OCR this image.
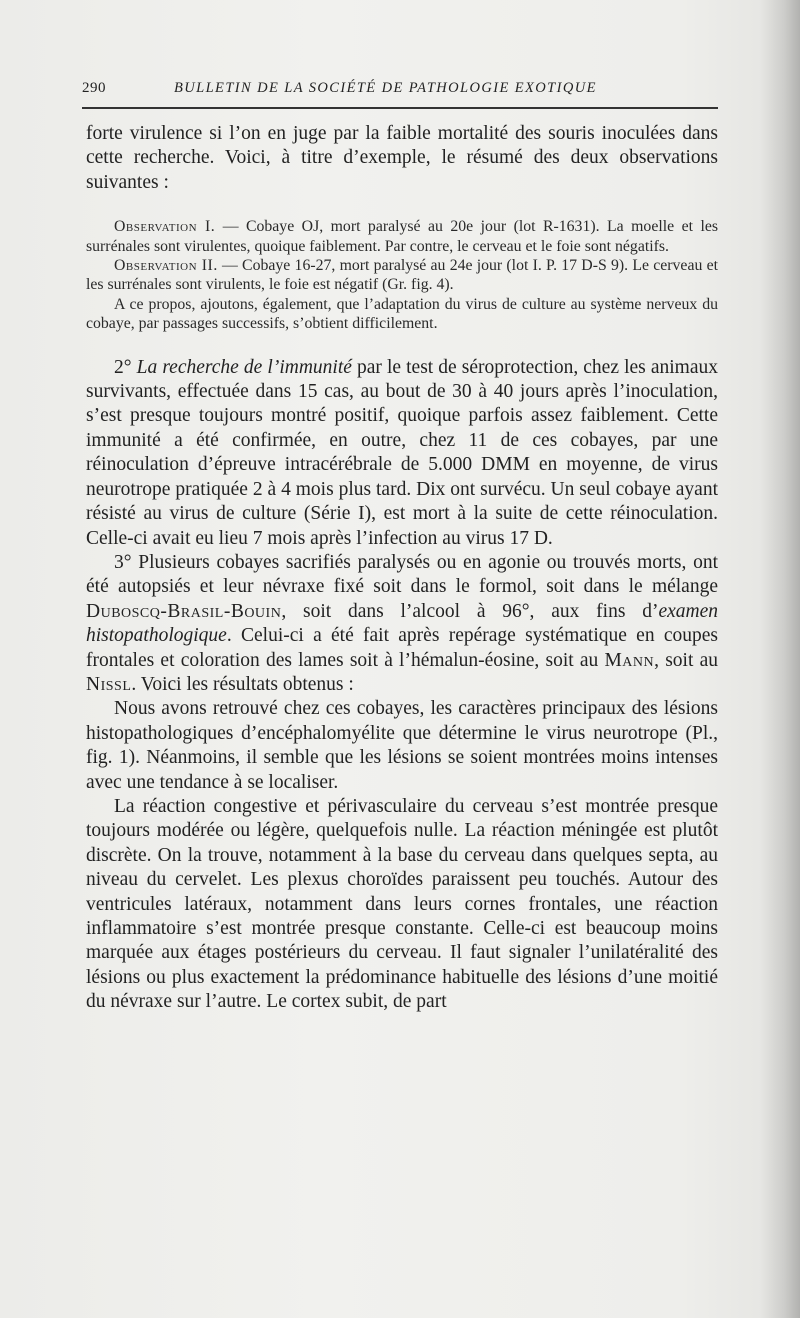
290	BULLETIN DE LA SOCIÉTÉ DE PATHOLOGIE EXOTIQUE

forte virulence si l’on en juge par la faible mortalité des souris inoculées dans cette recherche. Voici, à titre d’exemple, le résumé des deux observations suivantes :

Observation I. — Cobaye OJ, mort paralysé au 20e jour (lot R-1631). La moelle et les surrénales sont virulentes, quoique faiblement. Par contre, le cerveau et le foie sont négatifs.

Observation II. — Cobaye 16-27, mort paralysé au 24e jour (lot I. P. 17 D-S 9). Le cerveau et les surrénales sont virulents, le foie est négatif (Gr. fig. 4).

A ce propos, ajoutons, également, que l’adaptation du virus de culture au système nerveux du cobaye, par passages successifs, s’obtient difficilement.

2° La recherche de l’immunité par le test de séroprotection, chez les animaux survivants, effectuée dans 15 cas, au bout de 30 à 40 jours après l’inoculation, s’est presque toujours montré positif, quoique parfois assez faiblement. Cette immunité a été confirmée, en outre, chez 11 de ces cobayes, par une réinoculation d’épreuve intracérébrale de 5.000 DMM en moyenne, de virus neurotrope pratiquée 2 à 4 mois plus tard. Dix ont survécu. Un seul cobaye ayant résisté au virus de culture (Série I), est mort à la suite de cette réinoculation. Celle-ci avait eu lieu 7 mois après l’infection au virus 17 D.

3° Plusieurs cobayes sacrifiés paralysés ou en agonie ou trouvés morts, ont été autopsiés et leur névraxe fixé soit dans le formol, soit dans le mélange Duboscq-Brasil-Bouin, soit dans l’alcool à 96°, aux fins d’examen histopathologique. Celui-ci a été fait après repérage systématique en coupes frontales et coloration des lames soit à l’hémalun-éosine, soit au Mann, soit au Nissl. Voici les résultats obtenus :

Nous avons retrouvé chez ces cobayes, les caractères principaux des lésions histopathologiques d’encéphalomyélite que détermine le virus neurotrope (Pl., fig. 1). Néanmoins, il semble que les lésions se soient montrées moins intenses avec une tendance à se localiser.

La réaction congestive et périvasculaire du cerveau s’est montrée presque toujours modérée ou légère, quelquefois nulle. La réaction méningée est plutôt discrète. On la trouve, notamment à la base du cerveau dans quelques septa, au niveau du cervelet. Les plexus choroïdes paraissent peu touchés. Autour des ventricules latéraux, notamment dans leurs cornes frontales, une réaction inflammatoire s’est montrée presque constante. Celle-ci est beaucoup moins marquée aux étages postérieurs du cerveau. Il faut signaler l’unilatéralité des lésions ou plus exactement la prédominance habituelle des lésions d’une moitié du névraxe sur l’autre. Le cortex subit, de part
